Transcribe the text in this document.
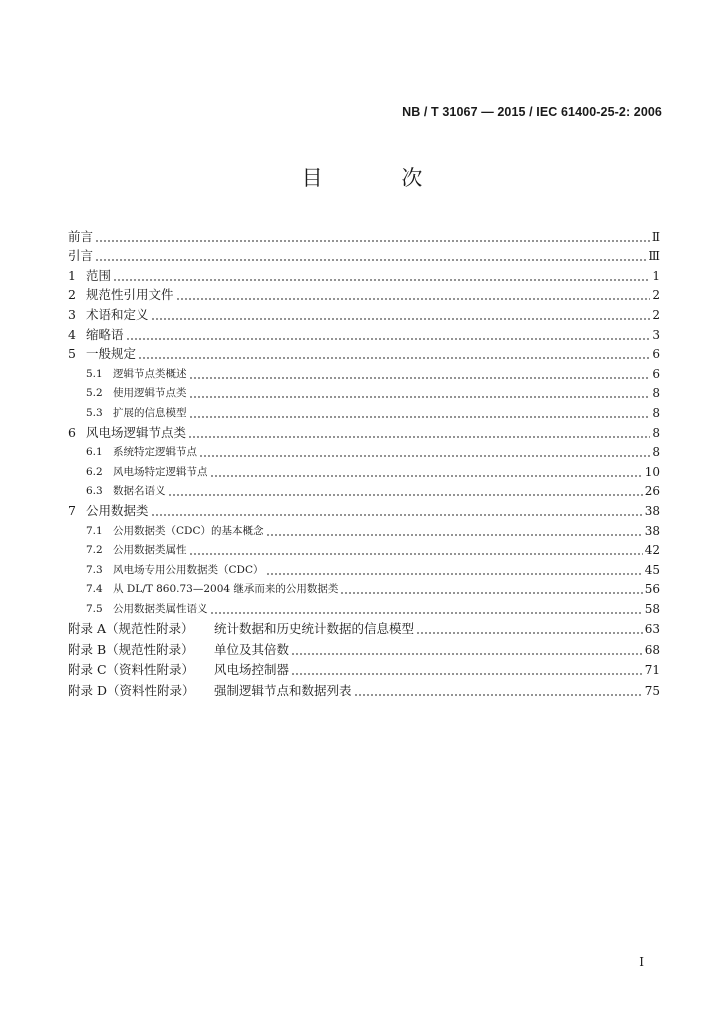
NB / T 31067 — 2015 / IEC 61400-25-2: 2006
目 次
前言	Ⅱ
引言	Ⅲ
1 范围	1
2 规范性引用文件	2
3 术语和定义	2
4 缩略语	3
5 一般规定	6
5.1 逻辑节点类概述	6
5.2 使用逻辑节点类	8
5.3 扩展的信息模型	8
6 风电场逻辑节点类	8
6.1 系统特定逻辑节点	8
6.2 风电场特定逻辑节点	10
6.3 数据名语义	26
7 公用数据类	38
7.1 公用数据类（CDC）的基本概念	38
7.2 公用数据类属性	42
7.3 风电场专用公用数据类（CDC）	45
7.4 从 DL/T 860.73—2004 继承而来的公用数据类	56
7.5 公用数据类属性语义	58
附录 A（规范性附录）	统计数据和历史统计数据的信息模型	63
附录 B（规范性附录）	单位及其倍数	68
附录 C（资料性附录）	风电场控制器	71
附录 D（资料性附录）	强制逻辑节点和数据列表	75
I
